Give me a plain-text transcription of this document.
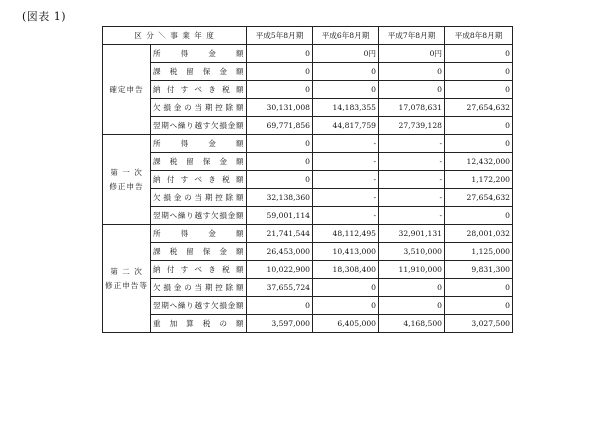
(図表 1)
区 分 ＼ 事 業 年 度		平成5年8月期	平成6年8月期	平成7年8月期	平成8年8月期
確定申告	所 得 金 額	0	0円	0円	0
	課税留保金額	0	0	0	0
	納付すべき税額	0	0	0	0
	欠損金の当期控除額	30,131,008	14,183,355	17,078,631	27,654,632
	翌期へ繰り越す欠損金額	69,771,856	44,817,759	27,739,128	0
第 一 次
修正申告	所 得 金 額	0	-	-	0
	課税留保金額	0	-	-	12,432,000
	納付すべき税額	0	-	-	1,172,200
	欠損金の当期控除額	32,138,360	-	-	27,654,632
	翌期へ繰り越す欠損金額	59,001,114	-	-	0
第 二 次
修正申告等	所 得 金 額	21,741,544	48,112,495	32,901,131	28,001,032
	課税留保金額	26,453,000	10,413,000	3,510,000	1,125,000
	納付すべき税額	10,022,900	18,308,400	11,910,000	9,831,300
	欠損金の当期控除額	37,655,724	0	0	0
	翌期へ繰り越す欠損金額	0	0	0	0
	重 加 算 税 の 額	3,597,000	6,405,000	4,168,500	3,027,500
